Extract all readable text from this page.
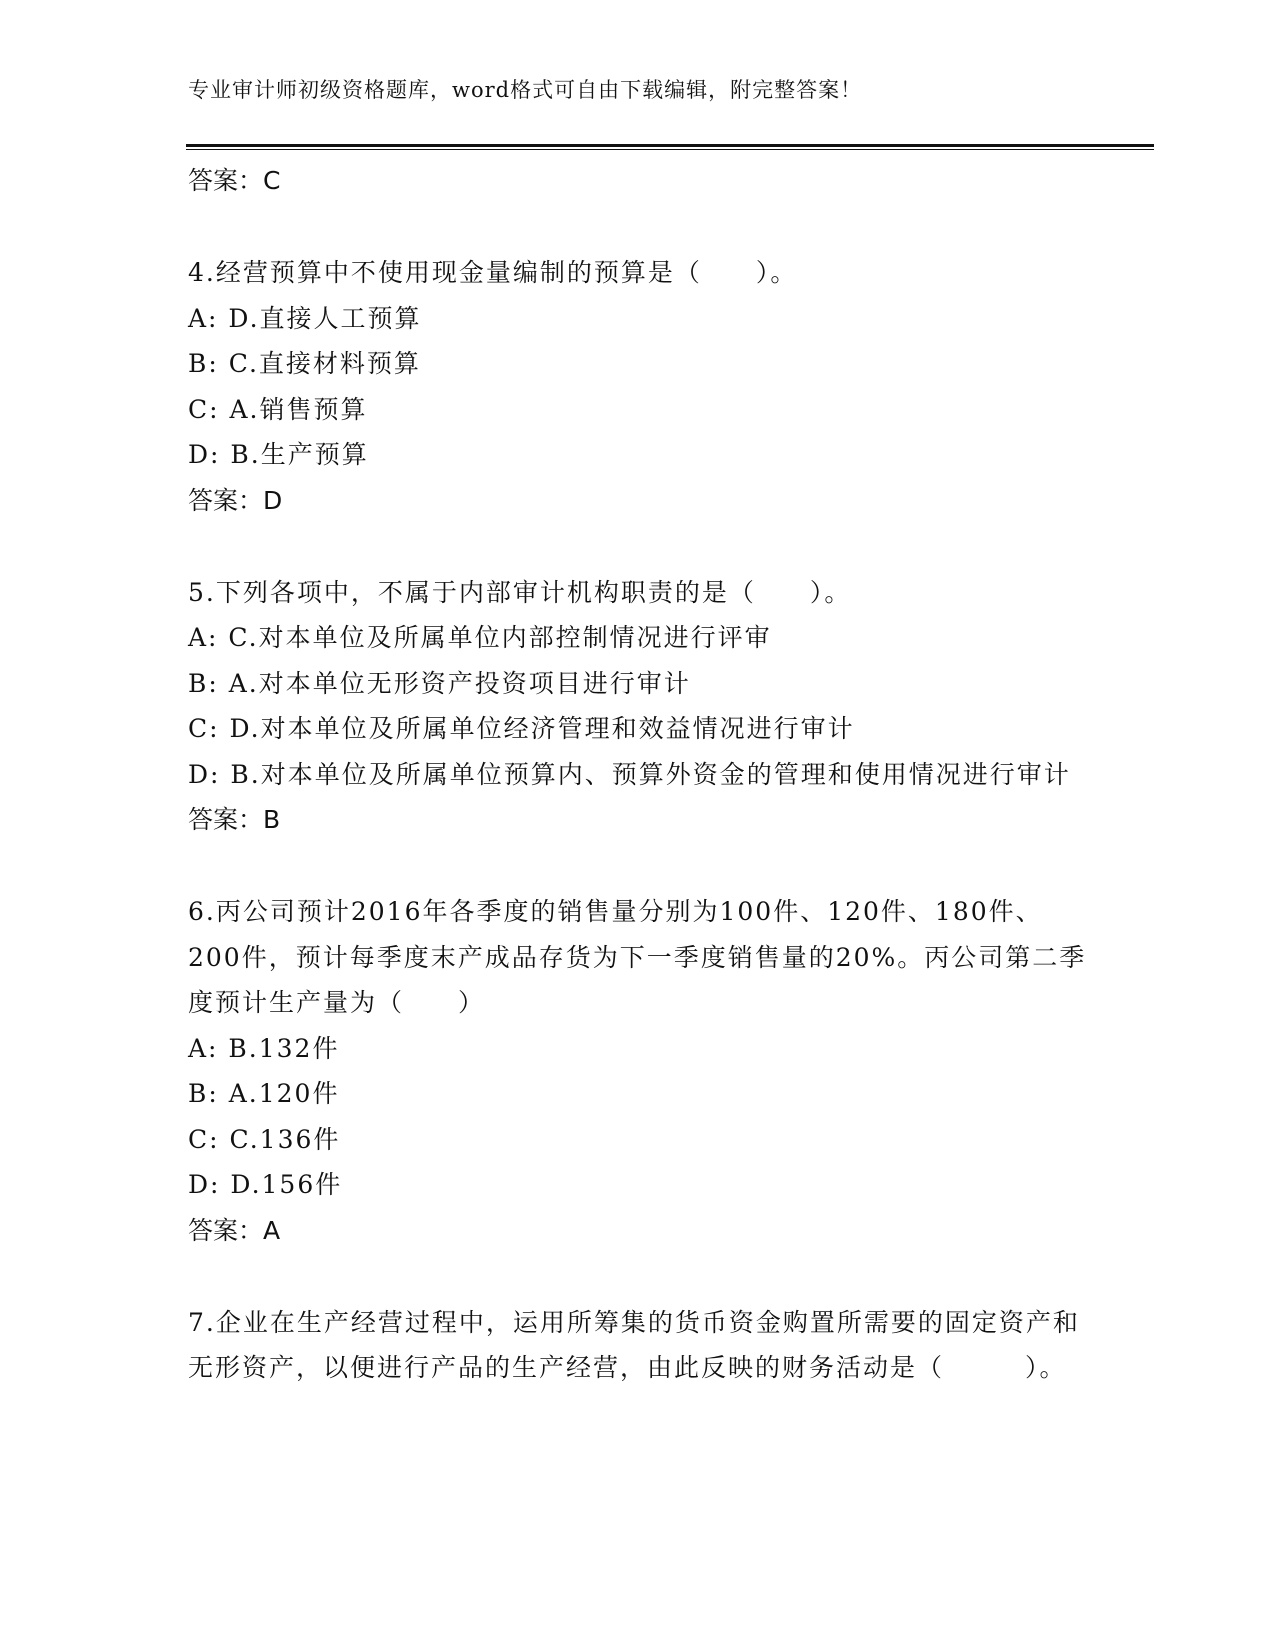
专业审计师初级资格题库，word格式可自由下载编辑，附完整答案！
答案：C

4.经营预算中不使用现金量编制的预算是（　　）。

A: D.直接人工预算
B: C.直接材料预算
C: A.销售预算
D: B.生产预算
答案：D

5.下列各项中，不属于内部审计机构职责的是（　　）。

A: C.对本单位及所属单位内部控制情况进行评审
B: A.对本单位无形资产投资项目进行审计
C: D.对本单位及所属单位经济管理和效益情况进行审计
D: B.对本单位及所属单位预算内、预算外资金的管理和使用情况进行审计
答案：B

6.丙公司预计2016年各季度的销售量分别为100件、120件、180件、200件，预计每季度末产成品存货为下一季度销售量的20%。丙公司第二季度预计生产量为（　　）

A: B.132件
B: A.120件
C: C.136件
D: D.156件
答案：A

7.企业在生产经营过程中，运用所筹集的货币资金购置所需要的固定资产和无形资产，以便进行产品的生产经营，由此反映的财务活动是（　　　）。
